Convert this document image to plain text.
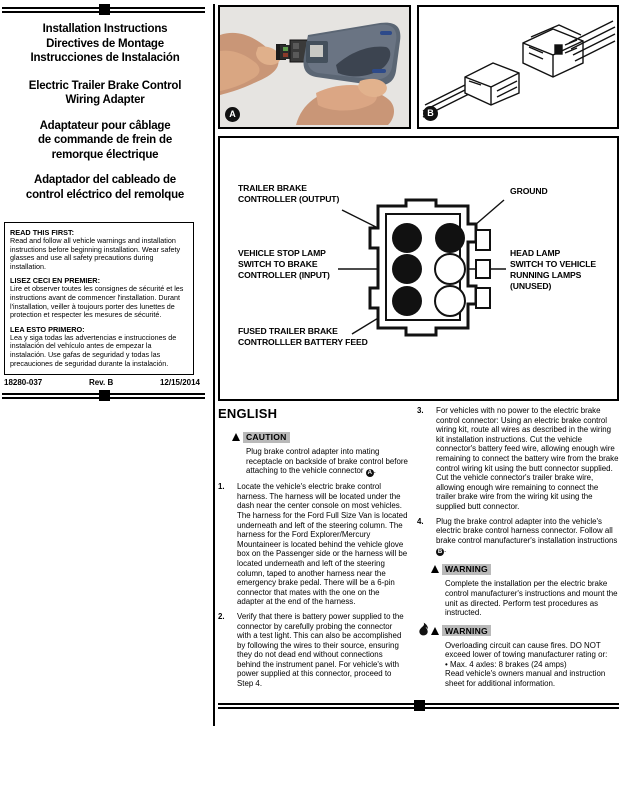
Installation Instructions
Directives de Montage
Instrucciones de Instalación
Electric Trailer Brake Control
Wiring Adapter
Adaptateur pour câblage
de commande de frein de
remorque électrique
Adaptador del cableado de
control eléctrico del remolque
READ THIS FIRST:
Read and follow all vehicle warnings and installation instructions before beginning installation. Wear safety glasses and use all safety precautions during installation.
LISEZ CECI EN PREMIER:
Lire et observer toutes les consignes de sécurité et les instructions avant de commencer l'installation. Durant l'installation, veiller à toujours porter des lunettes de protection et respecter les mesures de sécurité.
LEA ESTO PRIMERO:
Lea y siga todas las advertencias e instrucciones de instalación del vehículo antes de empezar la instalación. Use gafas de seguridad y todas las precauciones de seguridad durante la instalación.
18280-037	Rev. B	12/15/2014
A	B
TRAILER BRAKE
CONTROLLER (OUTPUT)
VEHICLE STOP LAMP
SWITCH TO BRAKE
CONTROLLER (INPUT)
FUSED TRAILER BRAKE
CONTROLLLER BATTERY FEED
GROUND
HEAD LAMP
SWITCH TO VEHICLE
RUNNING LAMPS
(UNUSED)
ENGLISH
CAUTION
Plug brake control adapter into mating receptacle on backside of brake control before attaching to the vehicle connector A .
1.	Locate the vehicle's electric brake control harness. The harness will be located under the dash near the center console on most vehicles. The harness for the Ford Full Size Van is located underneath and left of the steering column. The harness for the Ford Explorer/Mercury Mountaineer is located behind the vehicle glove box on the Passenger side or the harness will be located underneath and left of the steering column, taped to another harness near the emergency brake pedal. There will be a 6-pin connector that mates with the one on the adapter at the end of the harness.
2.	Verify that there is battery power supplied to the connector by carefully probing the connector with a test light. This can also be accomplished by following the wires to their source, ensuring they do not dead end without connections behind the instrument panel. For vehicle's with power supplied at this connector, proceed to Step 4.
3.	For vehicles with no power to the electric brake control connector: Using an electric brake control wiring kit, route all wires as described in the wiring kit installation instructions. Cut the vehicle connector's battery feed wire, allowing enough wire remaining to connect the battery wire from the brake control wiring kit using the butt connector supplied. Cut the vehicle connector's trailer brake wire, allowing enough wire remaining to connect the trailer brake wire from the wiring kit using the supplied butt connector.
4.	Plug the brake control adapter into the vehicle's electric brake control harness connector. Follow all brake control manufacturer's installation instructions B .
WARNING
Complete the installation per the electric brake control manufacturer's instructions and mount the unit as directed. Perform test procedures as instructed.
WARNING
Overloading circuit can cause fires. DO NOT exceed lower of towing manufacturer rating or:
• Max. 4 axles: 8 brakes (24 amps)
Read vehicle's owners manual and instruction sheet for additional information.
